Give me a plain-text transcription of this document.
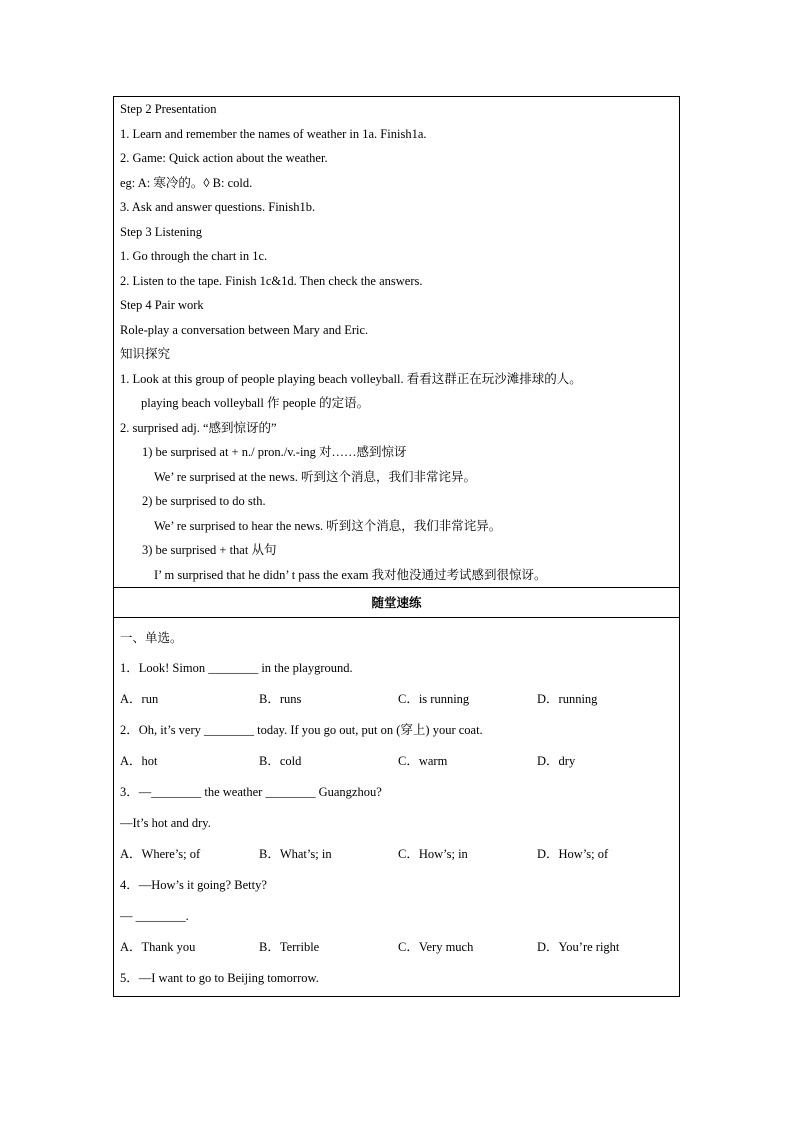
Step 2 Presentation
1. Learn and remember the names of weather in 1a. Finish1a.
2. Game: Quick action about the weather.
eg: A: 寒冷的。◊ B: cold.
3. Ask and answer questions. Finish1b.
Step 3 Listening
1. Go through the chart in 1c.
2. Listen to the tape. Finish 1c&1d. Then check the answers.
Step 4 Pair work
Role-play a conversation between Mary and Eric.
知识探究
1. Look at this group of people playing beach volleyball. 看看这群正在玩沙滩排球的人。
playing beach volleyball 作 people 的定语。
2. surprised adj. “感到惊讶的”
1) be surprised at + n./ pron./v.-ing 对……感到惊讶
We’ re surprised at the news. 听到这个消息，我们非常诧异。
2) be surprised to do sth.
We’ re surprised to hear the news. 听到这个消息，我们非常诧异。
3) be surprised + that 从句
I’ m surprised that he didn’ t pass the exam 我对他没通过考试感到很惊讶。
随堂速练
一、单选。
1．Look! Simon ________ in the playground.
A．run	B．runs	C．is running	D．running
2．Oh, it’s very ________ today. If you go out, put on (穿上) your coat.
A．hot	B．cold	C．warm	D．dry
3．—________ the weather ________ Guangzhou?
—It’s hot and dry.
A．Where’s; of	B．What’s; in	C．How’s; in	D．How’s; of
4．—How’s it going? Betty?
— ________.
A．Thank you	B．Terrible	C．Very much	D．You’re right
5．—I want to go to Beijing tomorrow.
